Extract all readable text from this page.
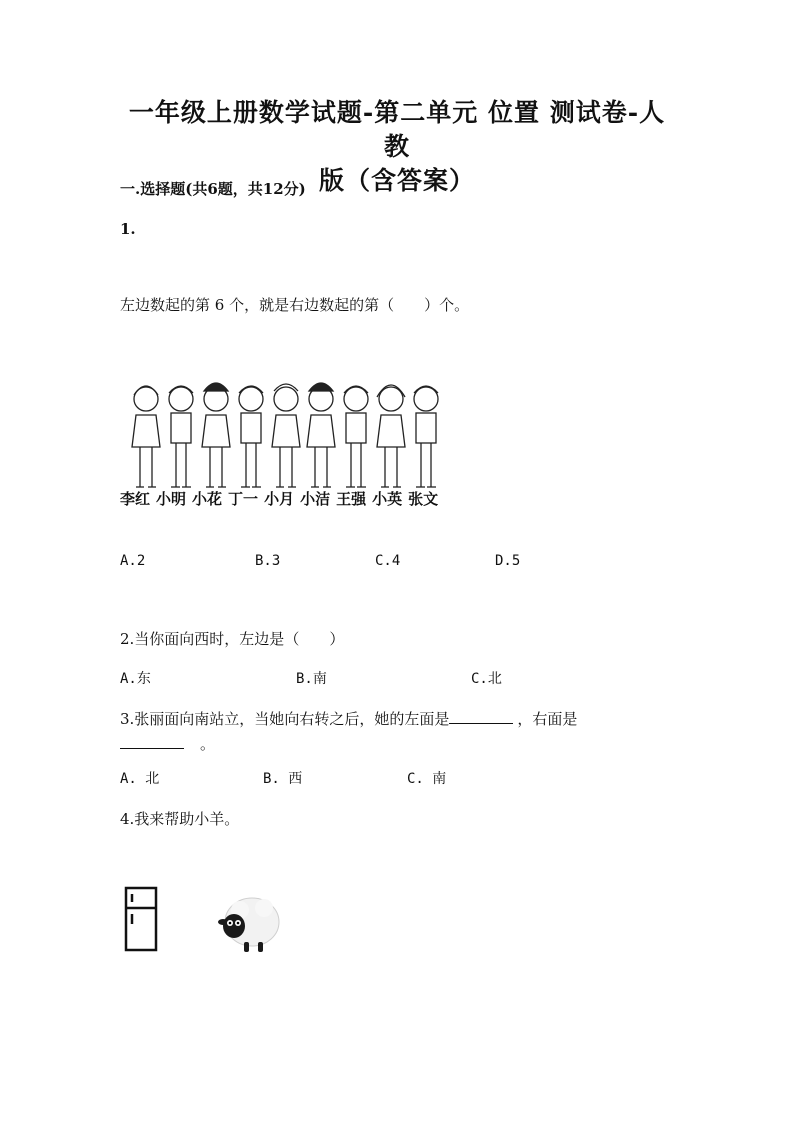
一年级上册数学试题-第二单元 位置 测试卷-人教
版（含答案）
一.选择题(共6题，共12分)
1.
左边数起的第 6 个，就是右边数起的第（　　）个。
李红 小明 小花 丁一 小月 小洁 王强 小英 张文
A.2	B.3	C.4	D.5
2.当你面向西时，左边是（　　）
A.东	B.南	C.北
3.张丽面向南站立，当她向右转之后，她的左面是	，右面是
。
A. 北	B. 西	C. 南
4.我来帮助小羊。
